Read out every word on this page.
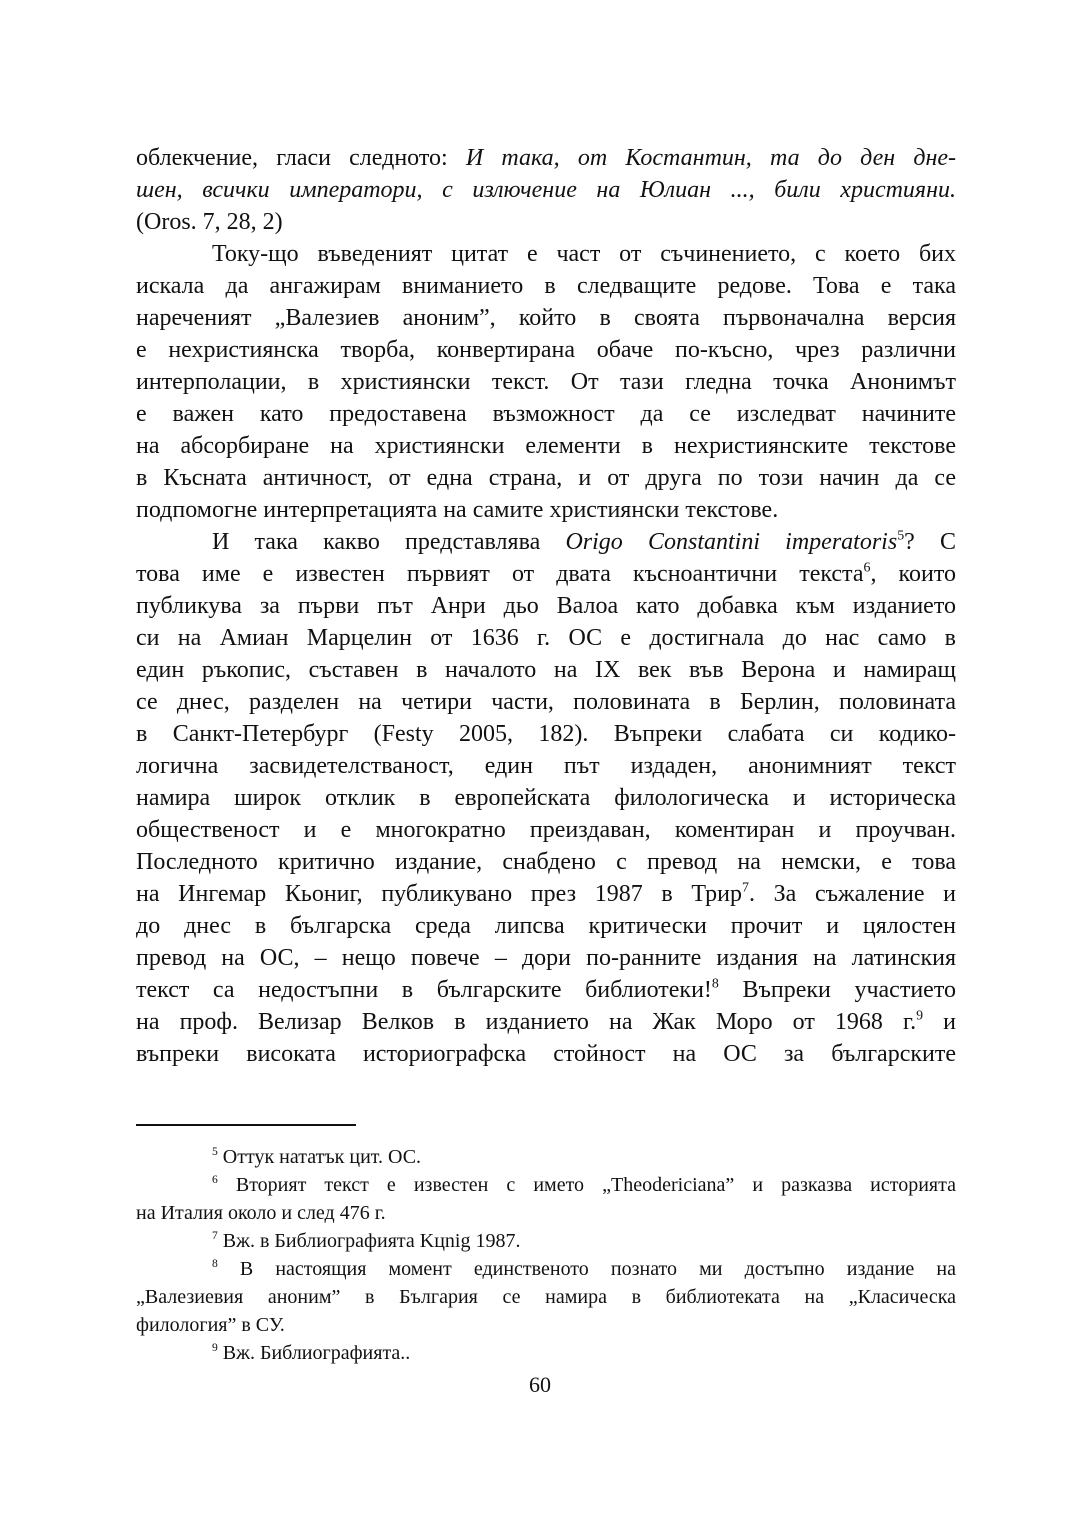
облекчение, гласи следното: И така, от Костантин, та до ден дне-
шен, всички императори, с излючение на Юлиан ..., били християни.
(Oros. 7, 28, 2)
Току-що въведеният цитат е част от съчинението, с което бих
искала да ангажирам вниманието в следващите редове. Това е така
наречeният „Валезиев аноним”, който в своята първоначална версия
е нехристиянска творба, конвертирана обаче по-късно, чрез различни
интерполации, в християнски текст. От тази гледна точка Анонимът
е важен като предоставена възможност да се изследват начините
на абсорбиране на християнски елементи в нехристиянските текстове
в Късната античност, от една страна, и от друга по този начин да се
подпомогне интерпретацията на самите християнски текстове.
И така какво представлява Origo Constantini imperatoris$^5$? С
това име е известен първият от двата късноантични текста$^6$, които
публикува за първи път Анри дьо Валоа като добавка към изданието
си на Амиан Марцелин от 1636 г. ОС е достигнала до нас само в
един ръкопис, съставен в началото на IX век във Верона и намиращ
се днес, разделен на четири части, половината в Берлин, половината
в Санкт-Петербург (Festy 2005, 182). Въпреки слабата си кодико-
логична засвидетелстваност, един път издаден, анонимният текст
намира широк отклик в европейската филологическа и историческа
общественост и е многократно преиздаван, коментиран и проучван.
Последното критично издание, снабдено с превод на немски, е това
на Ингемар Кьониг, публикувано през 1987 в Трир$^7$. За съжаление и
до днес в българска среда липсва критически прочит и цялостен
превод на ОС, – нещо повече – дори по-ранните издания на латинския
текст са недостъпни в българските библиотеки!$^8$ Въпреки участието
на проф. Велизар Велков в изданието на Жак Моро от 1968 г.$^9$ и
въпреки високата историографска стойност на ОС за българските
$^5$ Оттук нататък цит. ОС.
$^6$ Вторият текст е известен с името „Theodericiana” и разказва историята
на Италия около и след 476 г.
$^7$ Вж. в Библиографията Kцnig 1987.
$^8$ В настоящия момент единственото познато ми достъпно издание на
„Валезиевия аноним” в България се намира в библиотеката на „Класическа
филология” в СУ.
$^9$ Вж. Библиографията..
60
